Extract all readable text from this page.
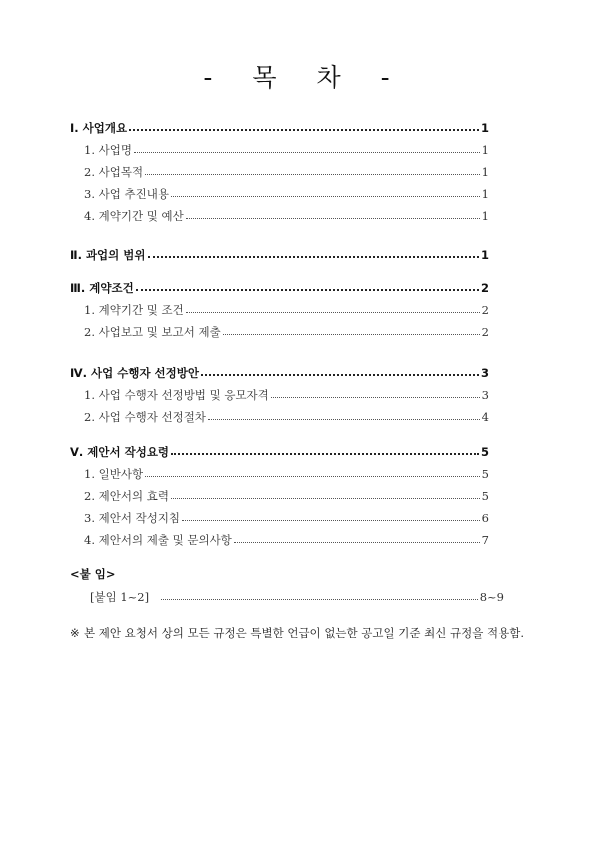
- 목 차 -
Ⅰ. 사업개요	1
1. 사업명	1
2. 사업목적	1
3. 사업 추진내용	1
4. 계약기간 및 예산	1
Ⅱ. 과업의 범위	1
Ⅲ. 계약조건	2
1. 계약기간 및 조건	2
2. 사업보고 및 보고서 제출	2
Ⅳ. 사업 수행자 선정방안	3
1. 사업 수행자 선정방법 및 응모자격	3
2. 사업 수행자 선정절차	4
Ⅴ. 제안서 작성요령	5
1. 일반사항	5
2. 제안서의 효력	5
3. 제안서 작성지침	6
4. 제안서의 제출 및 문의사항	7
<붙 임>
[붙임 1~2]	8~9
※ 본 제안 요청서 상의 모든 규정은 특별한 언급이 없는한 공고일 기준 최신 규정을 적용함.
